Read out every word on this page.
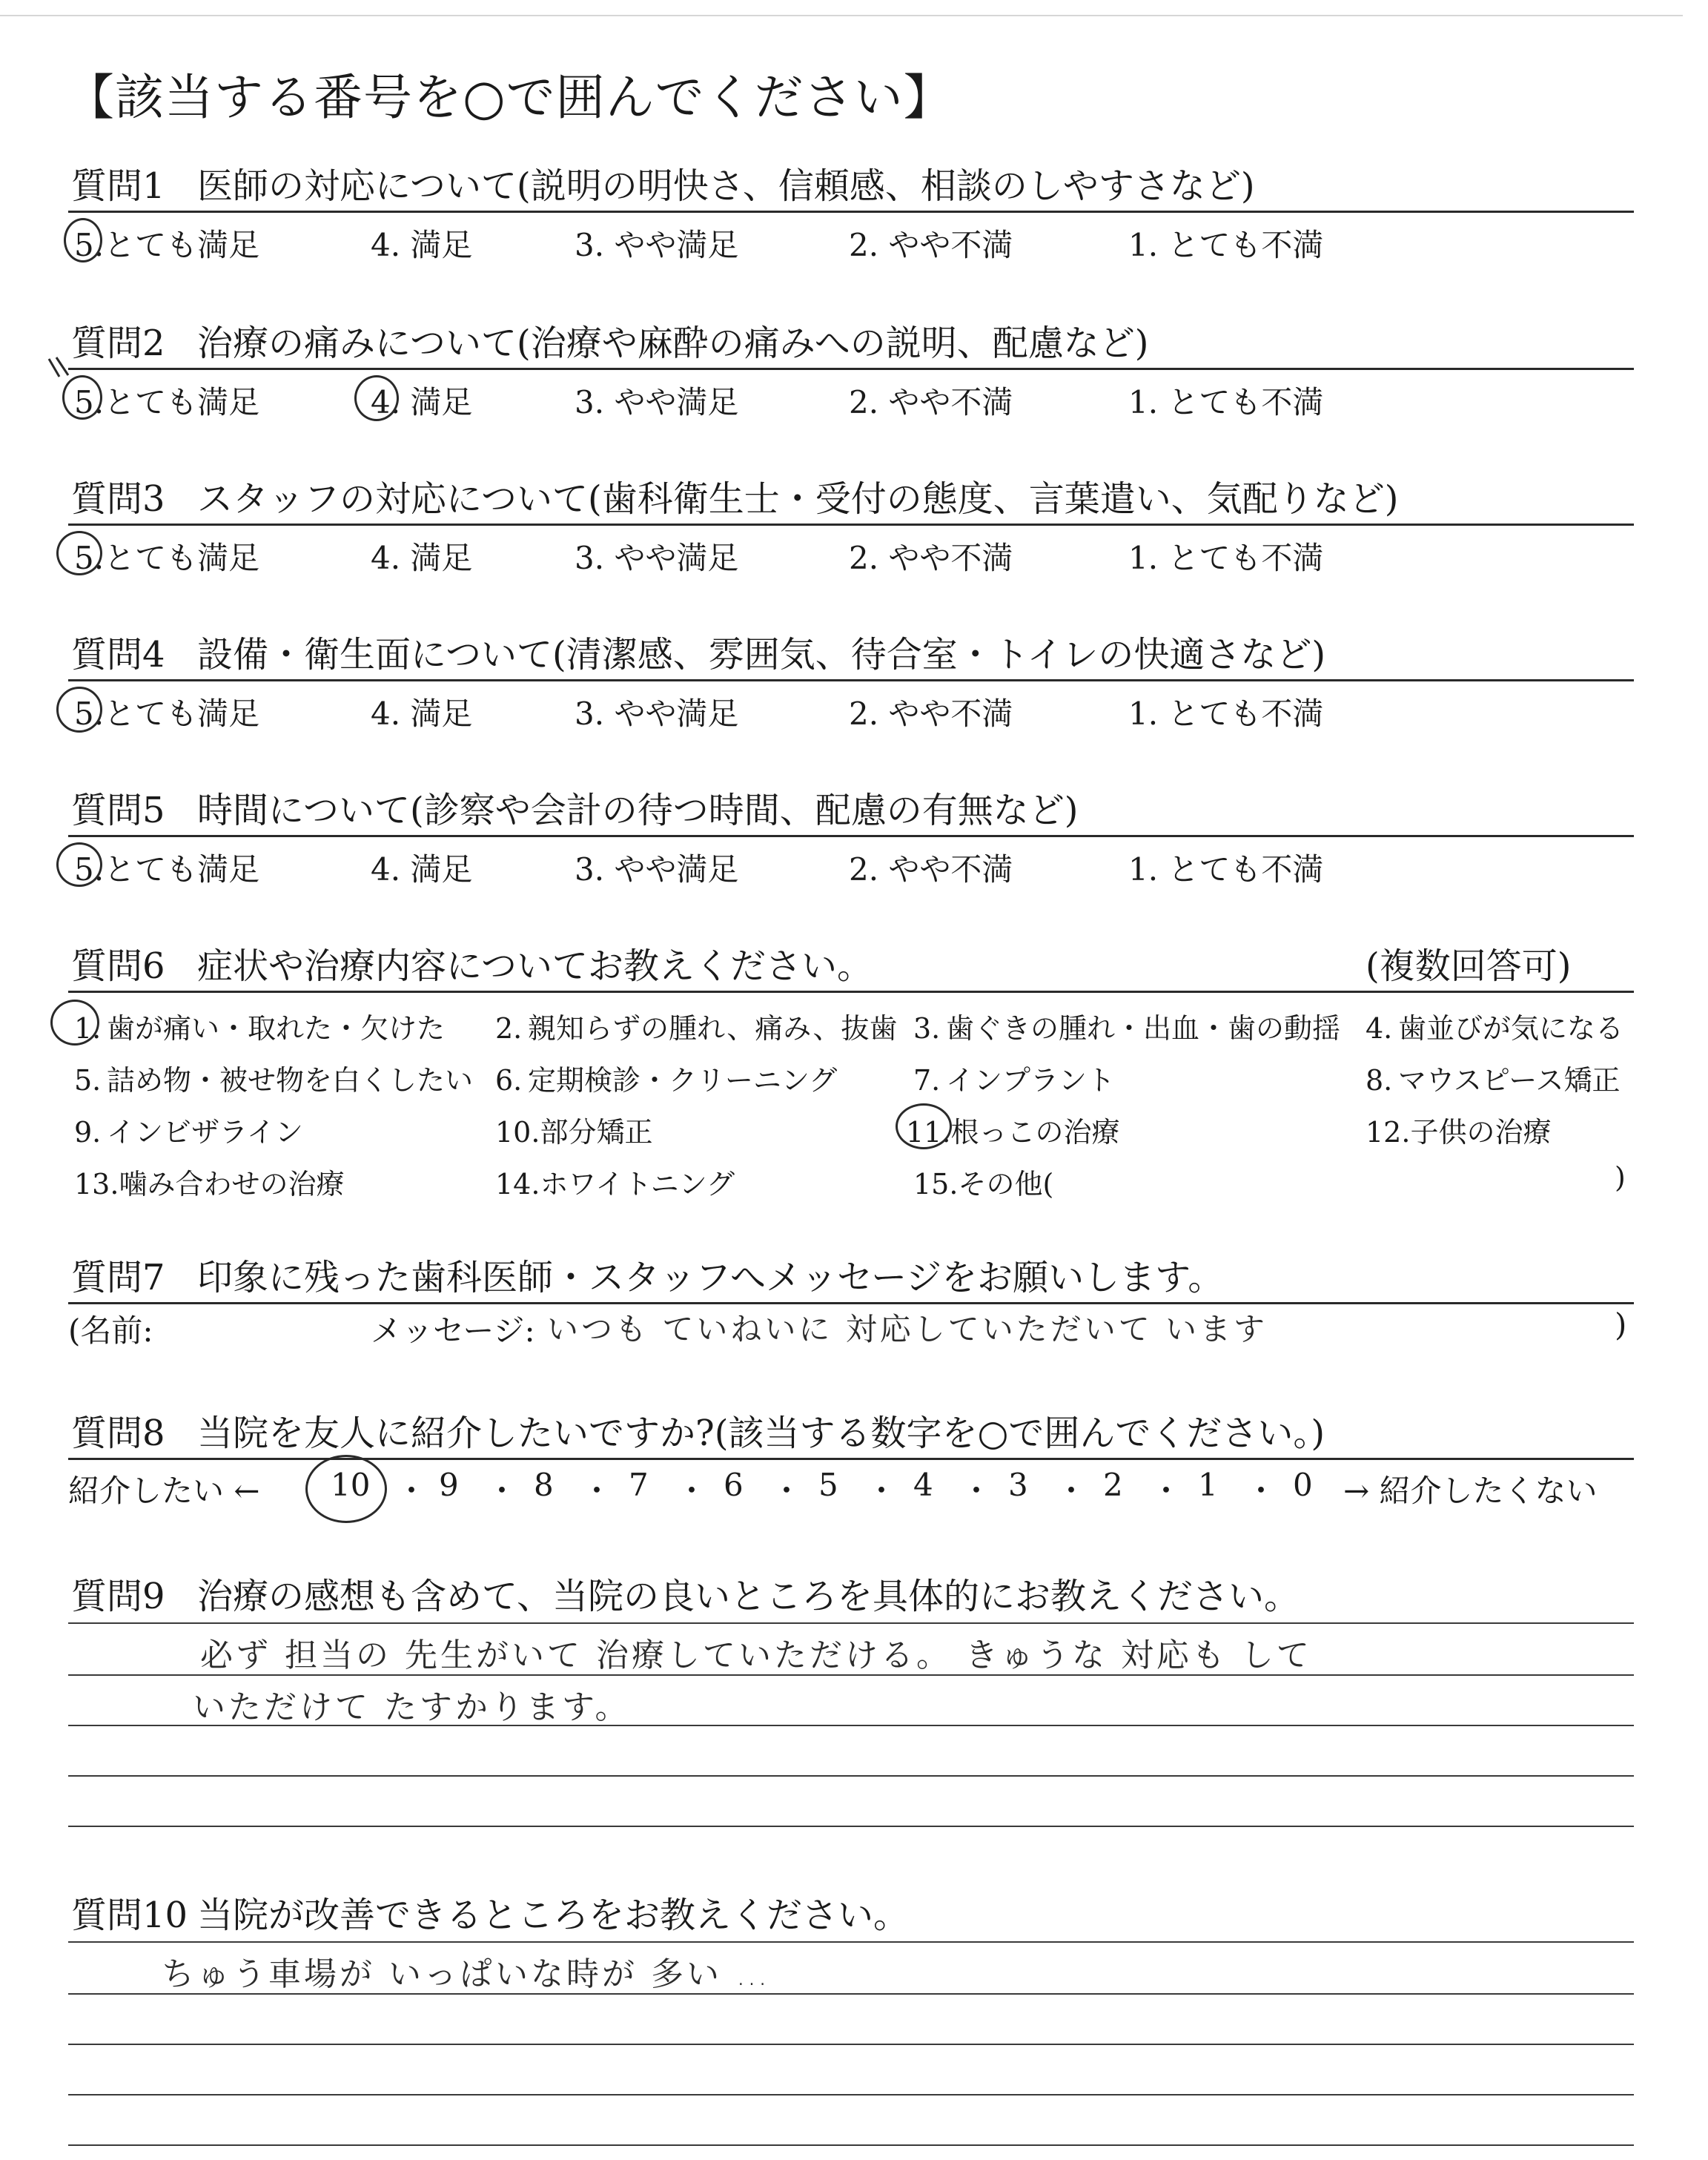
【該当する番号を○で囲んでください】
質問1 医師の対応について(説明の明快さ、信頼感、相談のしやすさなど)
5.とても満足	4. 満足	3. やや満足	2. やや不満	1. とても不満
質問2 治療の痛みについて(治療や麻酔の痛みへの説明、配慮など)
5.とても満足	4. 満足	3. やや満足	2. やや不満	1. とても不満
質問3 スタッフの対応について(歯科衛生士・受付の態度、言葉遣い、気配りなど)
5.とても満足	4. 満足	3. やや満足	2. やや不満	1. とても不満
質問4 設備・衛生面について(清潔感、雰囲気、待合室・トイレの快適さなど)
5.とても満足	4. 満足	3. やや満足	2. やや不満	1. とても不満
質問5 時間について(診察や会計の待つ時間、配慮の有無など)
5.とても満足	4. 満足	3. やや満足	2. やや不満	1. とても不満
質問6 症状や治療内容についてお教えください。	(複数回答可)
1. 歯が痛い・取れた・欠けた 2. 親知らずの腫れ、痛み、抜歯 3. 歯ぐきの腫れ・出血・歯の動揺 4. 歯並びが気になる
5. 詰め物・被せ物を白くしたい 6. 定期検診・クリーニング	7. インプラント	8. マウスピース矯正
9. インビザライン	10.部分矯正	11.根っこの治療	12.子供の治療
13.噛み合わせの治療	14.ホワイトニング	15.その他(	)
質問7 印象に残った歯科医師・スタッフへメッセージをお願いします。
(名前:	メッセージ: いつも ていねいに 対応していただいて います	)
質問8 当院を友人に紹介したいですか?(該当する数字を○で囲んでください。)
紹介したい ← 10 ・ 9 ・ 8 ・ 7 ・ 6 ・ 5 ・ 4 ・ 3 ・ 2 ・ 1 ・ 0 → 紹介したくない
質問9 治療の感想も含めて、当院の良いところを具体的にお教えください。
必ず 担当の 先生がいて 治療していただける。 きゅうな 対応も して
いただけて たすかります。
質問10 当院が改善できるところをお教えください。
ちゅう車場が いっぱいな時が 多い …
